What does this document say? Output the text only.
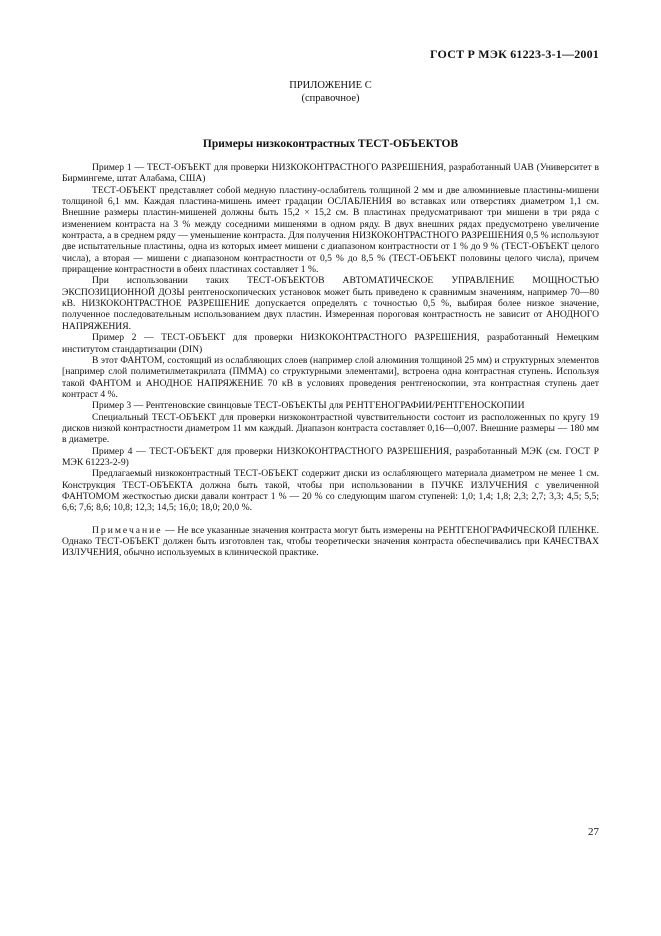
ГОСТ Р МЭК 61223-3-1—2001
ПРИЛОЖЕНИЕ С
(справочное)
Примеры низкоконтрастных ТЕСТ-ОБЪЕКТОВ

Пример 1 — ТЕСТ-ОБЪЕКТ для проверки НИЗКОКОНТРАСТНОГО РАЗРЕШЕНИЯ, разработанный UAB (Университет в Бирмингеме, штат Алабама, США)

ТЕСТ-ОБЪЕКТ представляет собой медную пластину-ослабитель толщиной 2 мм и две алюминиевые пластины-мишени толщиной 6,1 мм. Каждая пластина-мишень имеет градации ОСЛАБЛЕНИЯ во вставках или отверстиях диаметром 1,1 см. Внешние размеры пластин-мишеней должны быть 15,2 × 15,2 см. В пластинах предусматривают три мишени в три ряда с изменением контраста на 3 % между соседними мишенями в одном ряду. В двух внешних рядах предусмотрено увеличение контраста, а в среднем ряду — уменьшение контраста. Для получения НИЗКОКОНТРАСТНОГО РАЗРЕШЕНИЯ 0,5 % используют две испытательные пластины, одна из которых имеет мишени с диапазоном контрастности от 1 % до 9 % (ТЕСТ-ОБЪЕКТ целого числа), а вторая — мишени с диапазоном контрастности от 0,5 % до 8,5 % (ТЕСТ-ОБЪЕКТ половины целого числа), причем приращение контрастности в обеих пластинах составляет 1 %.

При использовании таких ТЕСТ-ОБЪЕКТОВ АВТОМАТИЧЕСКОЕ УПРАВЛЕНИЕ МОЩНОСТЬЮ ЭКСПОЗИЦИОННОЙ ДОЗЫ рентгеноскопических установок может быть приведено к сравнимым значениям, например 70—80 кВ. НИЗКОКОНТРАСТНОЕ РАЗРЕШЕНИЕ допускается определять с точностью 0,5 %, выбирая более низкое значение, полученное последовательным использованием двух пластин. Измеренная пороговая контрастность не зависит от АНОДНОГО НАПРЯЖЕНИЯ.

Пример 2 — ТЕСТ-ОБЪЕКТ для проверки НИЗКОКОНТРАСТНОГО РАЗРЕШЕНИЯ, разработанный Немецким институтом стандартизации (DIN)

В этот ФАНТОМ, состоящий из ослабляющих слоев (например слой алюминия толщиной 25 мм) и структурных элементов [например слой полиметилметакрилата (ПММА) со структурными элементами], встроена одна контрастная ступень. Используя такой ФАНТОМ и АНОДНОЕ НАПРЯЖЕНИЕ 70 кВ в условиях проведения рентгеноскопии, эта контрастная ступень дает контраст 4 %.

Пример 3 — Рентгеновские свинцовые ТЕСТ-ОБЪЕКТЫ для РЕНТГЕНОГРАФИИ/РЕНТГЕНОСКОПИИ

Специальный ТЕСТ-ОБЪЕКТ для проверки низкоконтрастной чувствительности состоит из расположенных по кругу 19 дисков низкой контрастности диаметром 11 мм каждый. Диапазон контраста составляет 0,16—0,007. Внешние размеры — 180 мм в диаметре.

Пример 4 — ТЕСТ-ОБЪЕКТ для проверки НИЗКОКОНТРАСТНОГО РАЗРЕШЕНИЯ, разработанный МЭК (см. ГОСТ Р МЭК 61223-2-9)

Предлагаемый низкоконтрастный ТЕСТ-ОБЪЕКТ содержит диски из ослабляющего материала диаметром не менее 1 см. Конструкция ТЕСТ-ОБЪЕКТА должна быть такой, чтобы при использовании в ПУЧКЕ ИЗЛУЧЕНИЯ с увеличенной ФАНТОМОМ жесткостью диски давали контраст 1 % — 20 % со следующим шагом ступеней: 1,0; 1,4; 1,8; 2,3; 2,7; 3,3; 4,5; 5,5; 6,6; 7,6; 8,6; 10,8; 12,3; 14,5; 16,0; 18,0; 20,0 %.

Примечание — Не все указанные значения контраста могут быть измерены на РЕНТГЕНОГРАФИЧЕСКОЙ ПЛЕНКЕ. Однако ТЕСТ-ОБЪЕКТ должен быть изготовлен так, чтобы теоретически значения контраста обеспечивались при КАЧЕСТВАХ ИЗЛУЧЕНИЯ, обычно используемых в клинической практике.

27
